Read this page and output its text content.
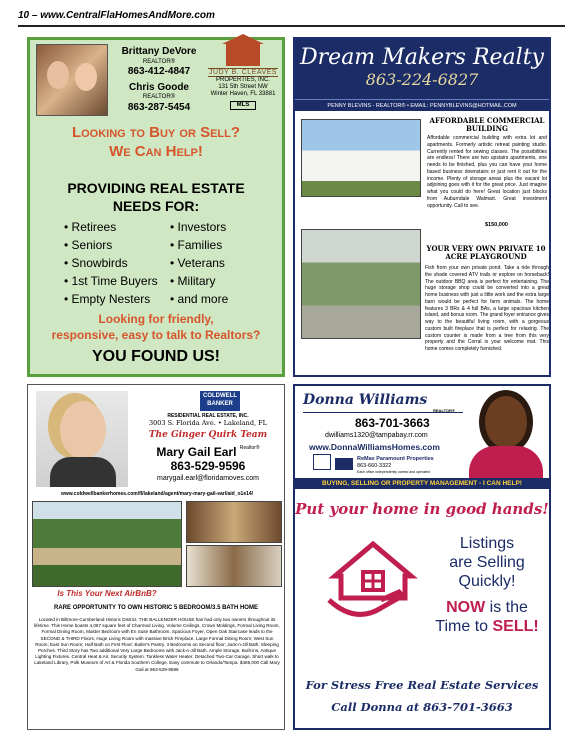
10 – www.CentralFlaHomesAndMore.com
Brittany DeVore
REALTOR®
863-412-4847
Chris Goode
REALTOR®
863-287-5454
JUDY B. CLEAVES
PROPERTIES, INC.
131 5th Street NW
Winter Haven, FL 33881
MLS
Looking to Buy or Sell?
We Can Help!
PROVIDING REAL ESTATE
NEEDS FOR:
• Retirees
• Seniors
• Snowbirds
• 1st Time Buyers
• Empty Nesters
• Investors
• Families
• Veterans
• Military
• and more
Looking for friendly,
responsive, easy to talk to Realtors?
YOU FOUND US!
Dream Makers Realty
863-224-6827
PENNY BLEVINS - REALTOR® • EMAIL: PENNYBLEVINS@HOTMAIL.COM
AFFORDABLE COMMERCIAL BUILDING
Affordable commercial building with extra lot and apartments. Formerly artistic retreat painting studio. Currently rented for sewing classes. The possibilities are endless! There are two upstairs apartments, one needs to be finished, plus you can have your home based business downstairs or just rent it out for the income. Plenty of storage areas plus the vacant lot adjoining goes with it for the great price. Just imagine what you could do here! Great location just blocks from Auburndale Walmart. Great investment opportunity. Call to see.
$150,000
YOUR VERY OWN PRIVATE 10 ACRE PLAYGROUND
Fish from your own private pond. Take a ride through the shade covered ATV trails or explore on horseback! The outdoor BBQ area is perfect for entertaining. The huge storage shop could be converted into a great home business with just a little work and the extra large barn would be perfect for farm animals. The home features 3 BRs & 4 full BAs, a large spacious kitchen island, and bonus room. The grand foyer entrance gives way to the beautiful living room, with a gorgeous custom built fireplace that is perfect for relaxing. The custom counter is made from a tree from this very property and the Corral is your welcome mat. This home comes completely furnished.
COLDWELL BANKER
RESIDENTIAL REAL ESTATE, INC.
3003 S. Florida Ave. • Lakeland, FL
The Ginger Quirk Team
Mary Gail Earl $^{Realtor®}$
863-529-9596
marygail.earl@floridamoves.com
www.coldwellbankerhomes.com/fl/lakeland/agent/mary-mary-gail-earl/aid_o1e14/
Is This Your Next AirBnB?
RARE OPPORTUNITY TO OWN HISTORIC 5 BEDROOM/3.5 BATH HOME
Located in Biltmore-Cumberland Historic District. THE BALLENGER HOUSE has had only two owners throughout its lifetime. This Home boasts 4,067 square feet of Charmed Living, Volume Ceilings, Crown Moldings, Formal Living Room, Formal Dining Room, Master Bedroom with En Suite Bathroom. Spacious Foyer, Open Oak Staircase leads to the SECOND & THIRD Floors, Huge Living Room with massive Brick Fireplace. Large Formal Dining Room; West Sun Room; East Sun Room; Half Bath on First Floor; Butler's Pantry. 3 Bedrooms on Second floor; Jack-n-Jill Bath; Sleeping Porches. Third Story has Two additional Very Large Bedrooms with Jack-n-Jill Bath. Ample Storage, Built-ins, Antique Lighting Fixtures. Central Heat & Air. Security System. Tankless Water Heater. Detached Two-Car Garage. Short walk to Lakeland Library, Polk Museum of Art & Florida Southern College. Easy commute to Orlando/Tampa. $485,000 Call Mary Gail at 863-529-9596
Donna Williams
REALTOR®
863-701-3663
dwilliams1320@tampabay.rr.com
www.DonnaWilliamsHomes.com
ReMax Paramount Properties
863-660-3322
Each office independently owned and operated
BUYING, SELLING OR PROPERTY MANAGEMENT - I CAN HELP!
Put your home in good hands!
Listings
are Selling
Quickly!
NOW is the
Time to SELL!
For Stress Free Real Estate Services
Call Donna at 863-701-3663
